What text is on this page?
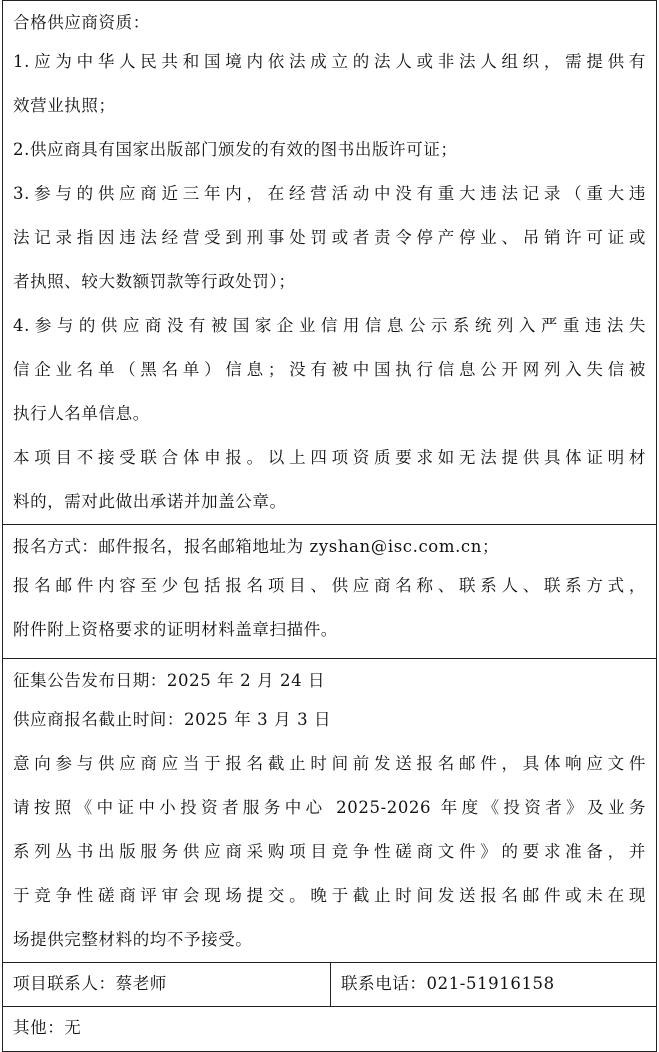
合格供应商资质：
1.应为中华人民共和国境内依法成立的法人或非法人组织，需提供有
效营业执照；
2.供应商具有国家出版部门颁发的有效的图书出版许可证；
3.参与的供应商近三年内，在经营活动中没有重大违法记录（重大违
法记录指因违法经营受到刑事处罚或者责令停产停业、吊销许可证或
者执照、较大数额罚款等行政处罚）；
4.参与的供应商没有被国家企业信用信息公示系统列入严重违法失
信企业名单（黑名单）信息；没有被中国执行信息公开网列入失信被
执行人名单信息。
本项目不接受联合体申报。以上四项资质要求如无法提供具体证明材
料的，需对此做出承诺并加盖公章。

报名方式：邮件报名，报名邮箱地址为 zyshan@isc.com.cn；
报名邮件内容至少包括报名项目、供应商名称、联系人、联系方式，
附件附上资格要求的证明材料盖章扫描件。

征集公告发布日期：2025 年 2 月 24 日
供应商报名截止时间：2025 年 3 月 3 日
意向参与供应商应当于报名截止时间前发送报名邮件，具体响应文件
请按照《中证中小投资者服务中心 2025-2026 年度《投资者》及业务
系列丛书出版服务供应商采购项目竞争性磋商文件》的要求准备，并
于竞争性磋商评审会现场提交。晚于截止时间发送报名邮件或未在现
场提供完整材料的均不予接受。

项目联系人：蔡老师	联系电话：021-51916158

其他：无
